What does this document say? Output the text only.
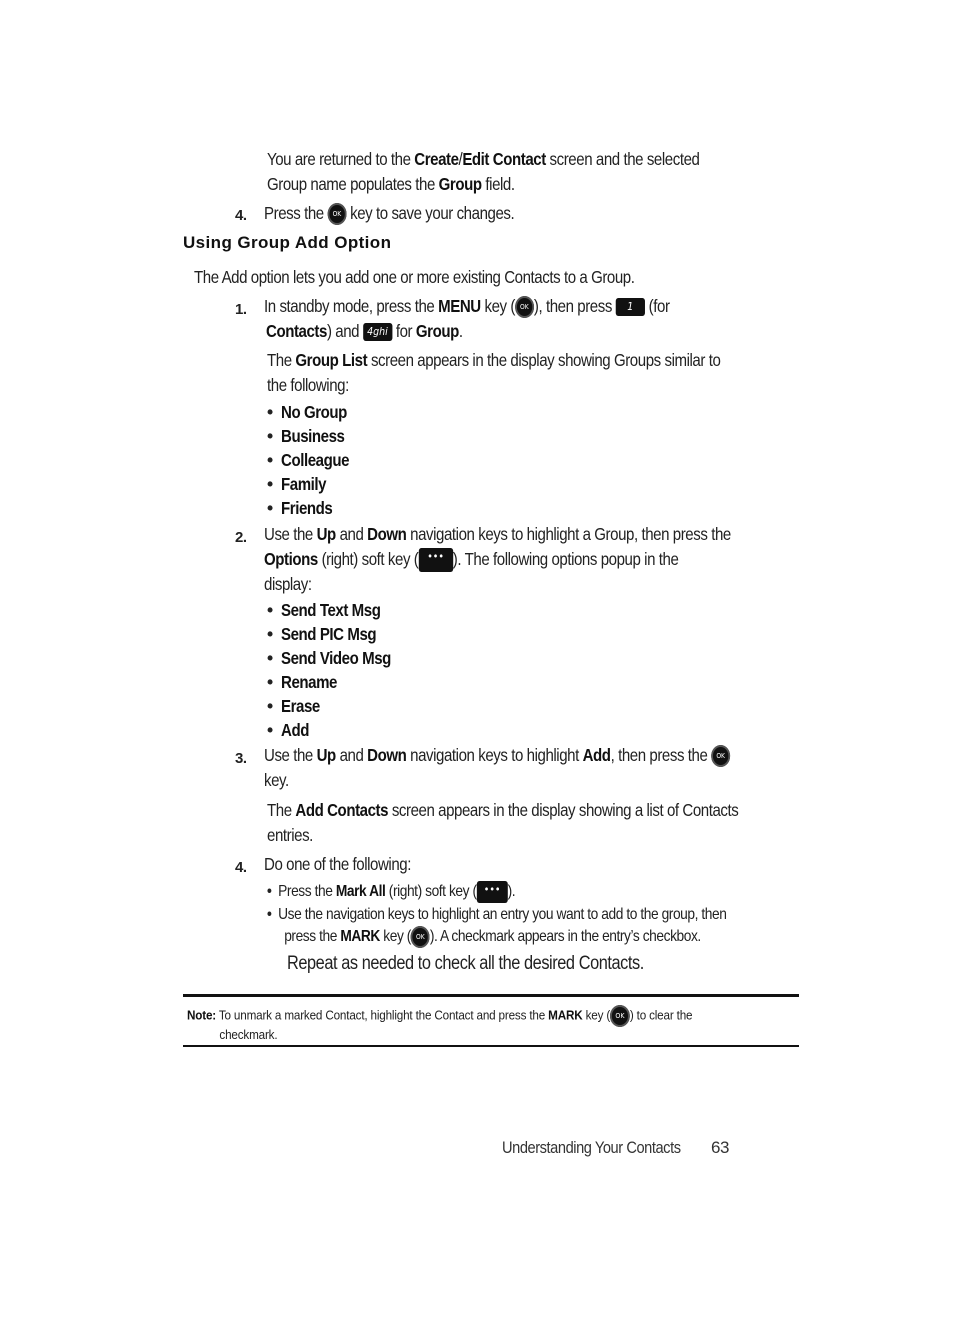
You are returned to the Create/Edit Contact screen and the selected
Group name populates the Group field.
4. Press the OK key to save your changes.
Using Group Add Option
The Add option lets you add one or more existing Contacts to a Group.
1. In standby mode, press the MENU key ( OK ), then press 1 (for
Contacts) and 4ghi for Group.
The Group List screen appears in the display showing Groups similar to
the following:
•  No Group
•  Business
•  Colleague
•  Family
•  Friends
2. Use the Up and Down navigation keys to highlight a Group, then press the
Options (right) soft key ( ••• ). The following options popup in the
display:
•  Send Text Msg
•  Send PIC Msg
•  Send Video Msg
•  Rename
•  Erase
•  Add
3. Use the Up and Down navigation keys to highlight Add, then press the OK
key.
The Add Contacts screen appears in the display showing a list of Contacts
entries.
4. Do one of the following:
•  Press the Mark All (right) soft key ( ••• ).
•  Use the navigation keys to highlight an entry you want to add to the group, then
press the MARK key ( OK ). A checkmark appears in the entry’s checkbox.
Repeat as needed to check all the desired Contacts.
Note: To unmark a marked Contact, highlight the Contact and press the MARK key ( OK ) to clear the
checkmark.
Understanding Your Contacts	63
